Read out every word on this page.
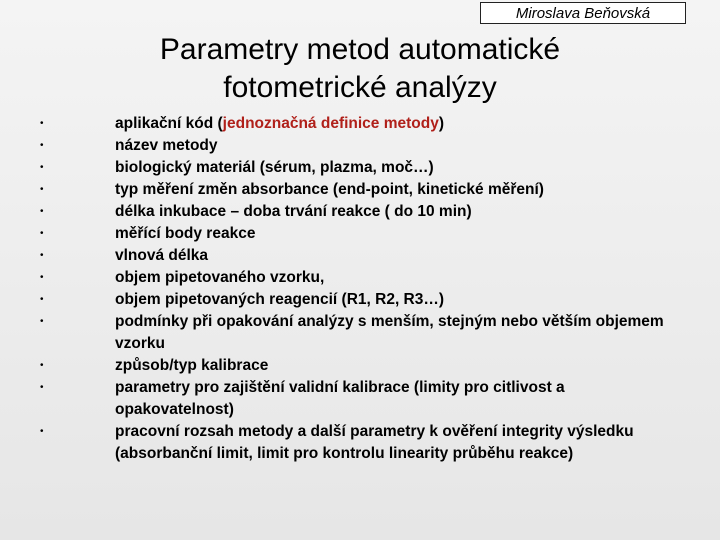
Miroslava Beňovská
Parametry metod automatické
fotometrické analýzy
• aplikační kód (jednoznačná definice metody)
• název metody
• biologický materiál (sérum, plazma, moč…)
• typ měření změn absorbance (end-point, kinetické měření)
• délka inkubace – doba trvání reakce ( do 10 min)
• měřící body reakce
• vlnová délka
• objem pipetovaného vzorku,
• objem pipetovaných reagencií (R1, R2, R3…)
• podmínky při opakování analýzy s menším, stejným nebo větším objemem vzorku
• způsob/typ kalibrace
• parametry pro zajištění validní kalibrace (limity pro citlivost a opakovatelnost)
• pracovní rozsah metody a další parametry k ověření integrity výsledku (absorbanční limit, limit pro kontrolu linearity průběhu reakce)
